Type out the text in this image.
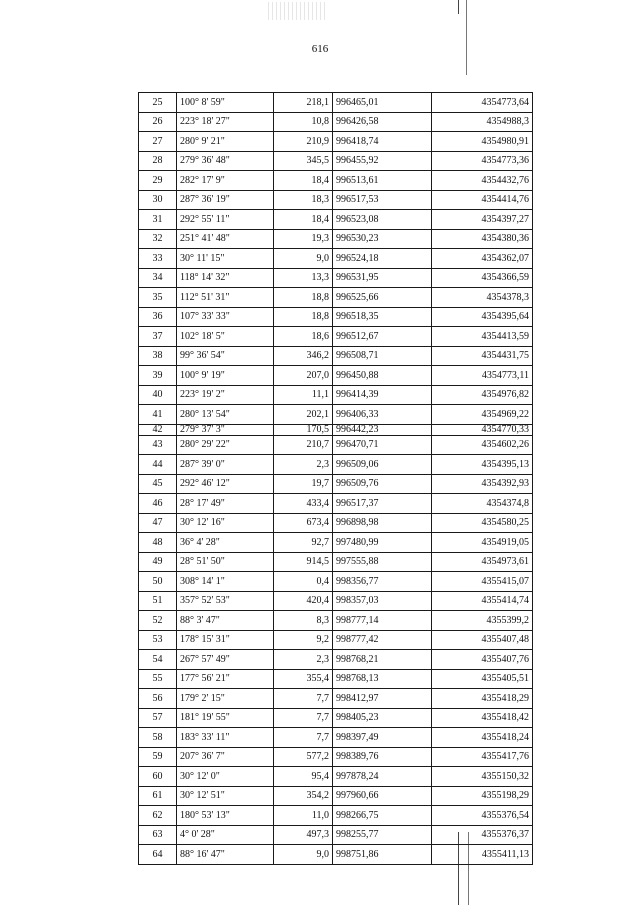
616
25	100° 8' 59"	218,1	996465,01	4354773,64
26	223° 18' 27"	10,8	996426,58	4354988,3
27	280° 9' 21"	210,9	996418,74	4354980,91
28	279° 36' 48"	345,5	996455,92	4354773,36
29	282° 17' 9"	18,4	996513,61	4354432,76
30	287° 36' 19"	18,3	996517,53	4354414,76
31	292° 55' 11"	18,4	996523,08	4354397,27
32	251° 41' 48"	19,3	996530,23	4354380,36
33	30° 11' 15"	9,0	996524,18	4354362,07
34	118° 14' 32"	13,3	996531,95	4354366,59
35	112° 51' 31"	18,8	996525,66	4354378,3
36	107° 33' 33"	18,8	996518,35	4354395,64
37	102° 18' 5"	18,6	996512,67	4354413,59
38	99° 36' 54"	346,2	996508,71	4354431,75
39	100° 9' 19"	207,0	996450,88	4354773,11
40	223° 19' 2"	11,1	996414,39	4354976,82
41	280° 13' 54"	202,1	996406,33	4354969,22
42	279° 37' 3"	170,5	996442,23	4354770,33
43	280° 29' 22"	210,7	996470,71	4354602,26
44	287° 39' 0"	2,3	996509,06	4354395,13
45	292° 46' 12"	19,7	996509,76	4354392,93
46	28° 17' 49"	433,4	996517,37	4354374,8
47	30° 12' 16"	673,4	996898,98	4354580,25
48	36° 4' 28"	92,7	997480,99	4354919,05
49	28° 51' 50"	914,5	997555,88	4354973,61
50	308° 14' 1"	0,4	998356,77	4355415,07
51	357° 52' 53"	420,4	998357,03	4355414,74
52	88° 3' 47"	8,3	998777,14	4355399,2
53	178° 15' 31"	9,2	998777,42	4355407,48
54	267° 57' 49"	2,3	998768,21	4355407,76
55	177° 56' 21"	355,4	998768,13	4355405,51
56	179° 2' 15"	7,7	998412,97	4355418,29
57	181° 19' 55"	7,7	998405,23	4355418,42
58	183° 33' 11"	7,7	998397,49	4355418,24
59	207° 36' 7"	577,2	998389,76	4355417,76
60	30° 12' 0"	95,4	997878,24	4355150,32
61	30° 12' 51"	354,2	997960,66	4355198,29
62	180° 53' 13"	11,0	998266,75	4355376,54
63	4° 0' 28"	497,3	998255,77	4355376,37
64	88° 16' 47"	9,0	998751,86	4355411,13
